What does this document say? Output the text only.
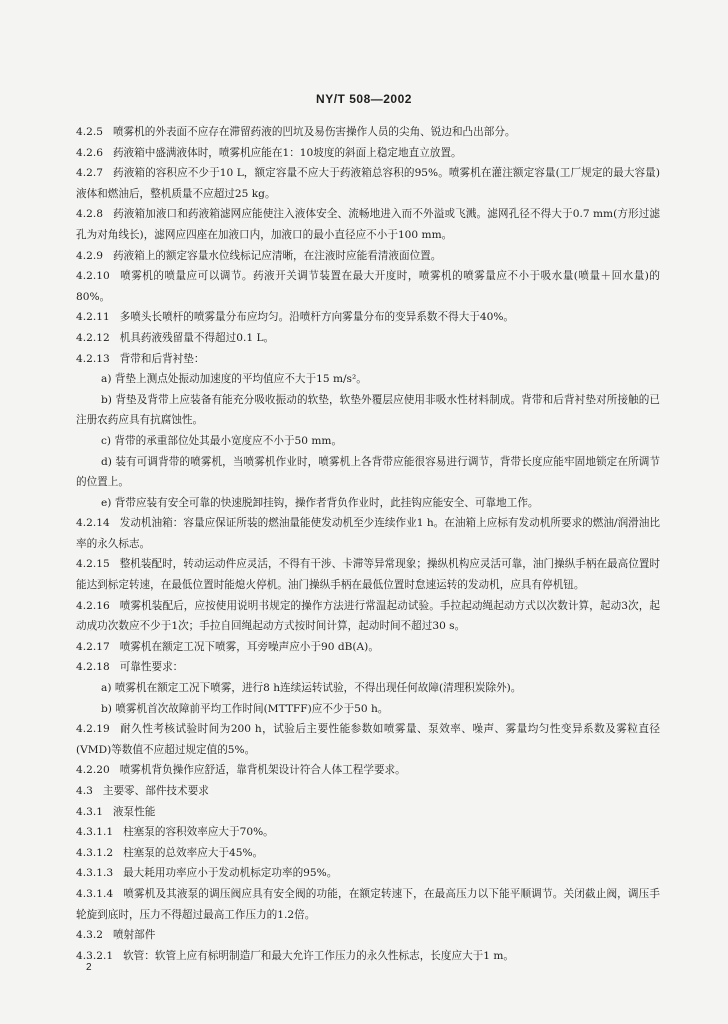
NY/T 508—2002

4.2.5 喷雾机的外表面不应存在滞留药液的凹坑及易伤害操作人员的尖角、锐边和凸出部分。

4.2.6 药液箱中盛满液体时，喷雾机应能在1：10坡度的斜面上稳定地直立放置。

4.2.7 药液箱的容积应不少于10 L，额定容量不应大于药液箱总容积的95%。喷雾机在灌注额定容量(工厂规定的最大容量)液体和燃油后，整机质量不应超过25 kg。

4.2.8 药液箱加液口和药液箱滤网应能使注入液体安全、流畅地进入而不外溢或飞溅。滤网孔径不得大于0.7 mm(方形过滤孔为对角线长)，滤网应四座在加液口内，加液口的最小直径应不小于100 mm。

4.2.9 药液箱上的额定容量水位线标记应清晰，在注液时应能看清液面位置。

4.2.10 喷雾机的喷量应可以调节。药液开关调节装置在最大开度时，喷雾机的喷雾量应不小于吸水量(喷量＋回水量)的80%。

4.2.11 多喷头长喷杆的喷雾量分布应均匀。沿喷杆方向雾量分布的变异系数不得大于40%。

4.2.12 机具药液残留量不得超过0.1 L。

4.2.13 背带和后背衬垫：

a) 背垫上测点处振动加速度的平均值应不大于15 m/s²。

b) 背垫及背带上应装备有能充分吸收振动的软垫，软垫外覆层应使用非吸水性材料制成。背带和后背衬垫对所接触的已注册农药应具有抗腐蚀性。

c) 背带的承重部位处其最小宽度应不小于50 mm。

d) 装有可调背带的喷雾机，当喷雾机作业时，喷雾机上各背带应能很容易进行调节，背带长度应能牢固地锁定在所调节的位置上。

e) 背带应装有安全可靠的快速脱卸挂钩，操作者背负作业时，此挂钩应能安全、可靠地工作。

4.2.14 发动机油箱：容量应保证所装的燃油量能使发动机至少连续作业1 h。在油箱上应标有发动机所要求的燃油/润滑油比率的永久标志。

4.2.15 整机装配时，转动运动件应灵活，不得有干涉、卡滞等异常现象；操纵机构应灵活可靠，油门操纵手柄在最高位置时能达到标定转速，在最低位置时能熄火停机。油门操纵手柄在最低位置时怠速运转的发动机，应具有停机钮。

4.2.16 喷雾机装配后，应按使用说明书规定的操作方法进行常温起动试验。手拉起动绳起动方式以次数计算，起动3次，起动成功次数应不少于1次；手拉自回绳起动方式按时间计算，起动时间不超过30 s。

4.2.17 喷雾机在额定工况下喷雾，耳旁噪声应小于90 dB(A)。

4.2.18 可靠性要求：

a) 喷雾机在额定工况下喷雾，进行8 h连续运转试验，不得出现任何故障(清理积炭除外)。

b) 喷雾机首次故障前平均工作时间(MTTFF)应不少于50 h。

4.2.19 耐久性考核试验时间为200 h，试验后主要性能参数如喷雾量、泵效率、噪声、雾量均匀性变异系数及雾粒直径(VMD)等数值不应超过规定值的5%。

4.2.20 喷雾机背负操作应舒适，靠背机架设计符合人体工程学要求。

4.3 主要零、部件技术要求

4.3.1 液泵性能

4.3.1.1 柱塞泵的容积效率应大于70%。

4.3.1.2 柱塞泵的总效率应大于45%。

4.3.1.3 最大耗用功率应小于发动机标定功率的95%。

4.3.1.4 喷雾机及其液泵的调压阀应具有安全阀的功能，在额定转速下，在最高压力以下能平顺调节。关闭截止阀，调压手轮旋到底时，压力不得超过最高工作压力的1.2倍。

4.3.2 喷射部件

4.3.2.1 软管：软管上应有标明制造厂和最大允许工作压力的永久性标志，长度应大于1 m。

2
